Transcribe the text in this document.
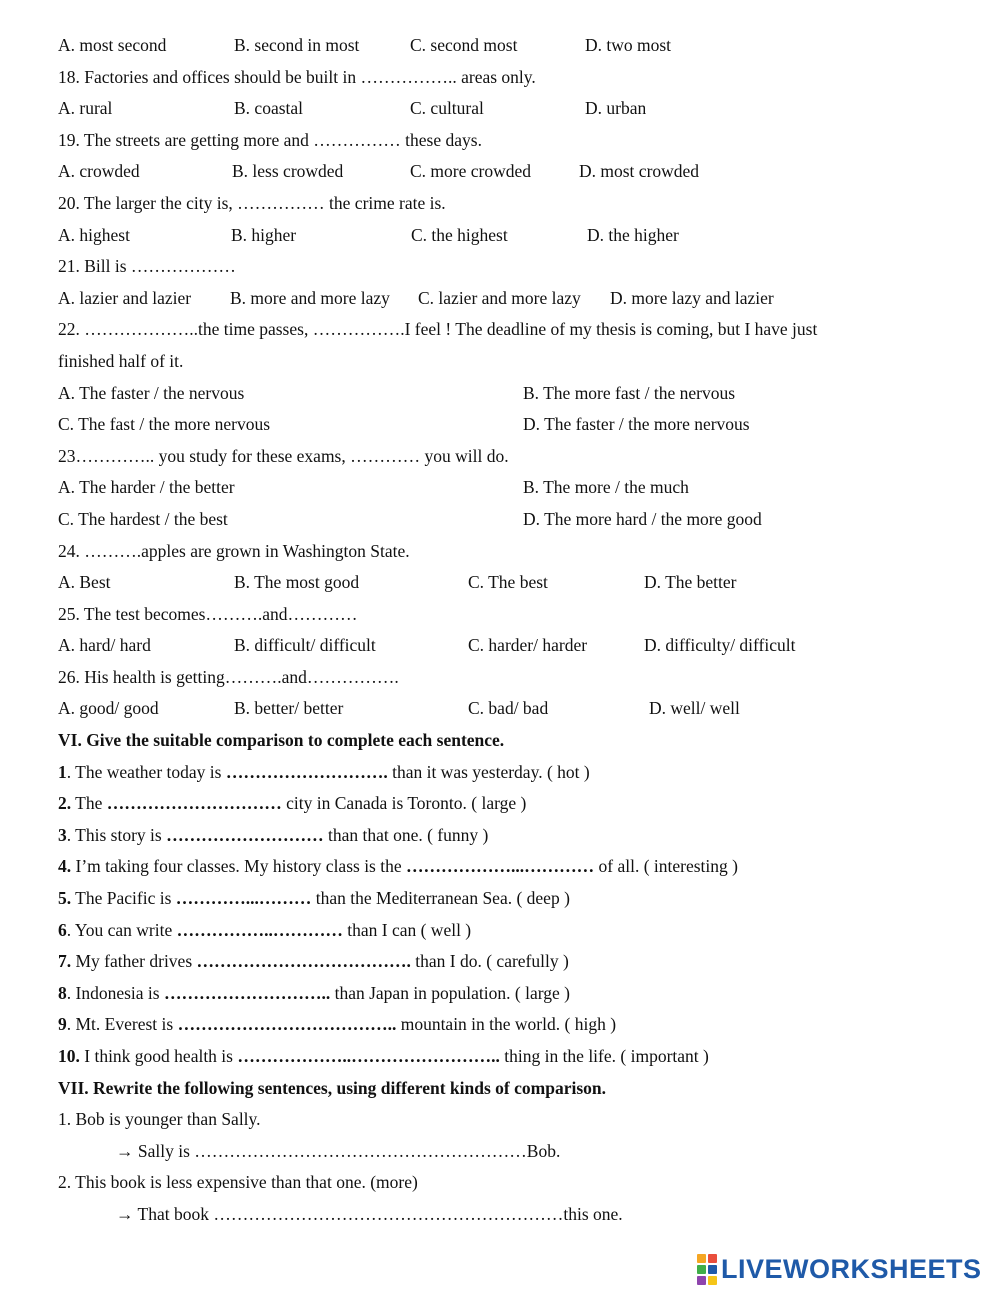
A. most second	B. second in most	C. second most	D. two most
18. Factories and offices should be built in …………….. areas only.
A. rural	B. coastal	C. cultural	D. urban
19. The streets are getting more and …………… these days.
A. crowded	B. less crowded	C. more crowded	D. most crowded
20. The larger the city is, …………… the crime rate is.
A. highest	B. higher	C. the highest	D. the higher
21. Bill is ………………
A. lazier and lazier B. more and more lazy C. lazier and more lazy D. more lazy and lazier
22. ………………..the time passes, …………….I feel ! The deadline of my thesis is coming, but I have just
finished half of it.
A. The faster / the nervous	B. The more fast / the nervous
C. The fast / the more nervous	D. The faster / the more nervous
23………….. you study for these exams, ………… you will do.
A. The harder / the better	B. The more / the much
C. The hardest / the best	D. The more hard / the more good
24. ……….apples are grown in Washington State.
A. Best	B. The most good	C. The best	D. The better
25. The test becomes……….and…………
A. hard/ hard	B. difficult/ difficult	C. harder/ harder	D. difficulty/ difficult
26. His health is getting……….and…………….
A. good/ good	B. better/ better	C. bad/ bad	D. well/ well
VI. Give the suitable comparison to complete each sentence.
1. The weather today is ………………………. than it was yesterday. ( hot )
2. The ………………………… city in Canada is Toronto. ( large )
3. This story is ……………………… than that one. ( funny )
4. I’m taking four classes. My history class is the ………………...………… of all. ( interesting )
5. The Pacific is …………...……… than the Mediterranean Sea. ( deep )
6. You can write ……………..………… than I can ( well )
7. My father drives ………………………………. than I do. ( carefully )
8. Indonesia is ……………………….. than Japan in population. ( large )
9. Mt. Everest is ……………………………….. mountain in the world. ( high )
10. I think good health is ………………..…………………….. thing in the life. ( important )
VII. Rewrite the following sentences, using different kinds of comparison.
1. Bob is younger than Sally.
→ Sally is …………………………………………………Bob.
2. This book is less expensive than that one. (more)
→ That book ……………………………………………………this one.
LIVEWORKSHEETS
